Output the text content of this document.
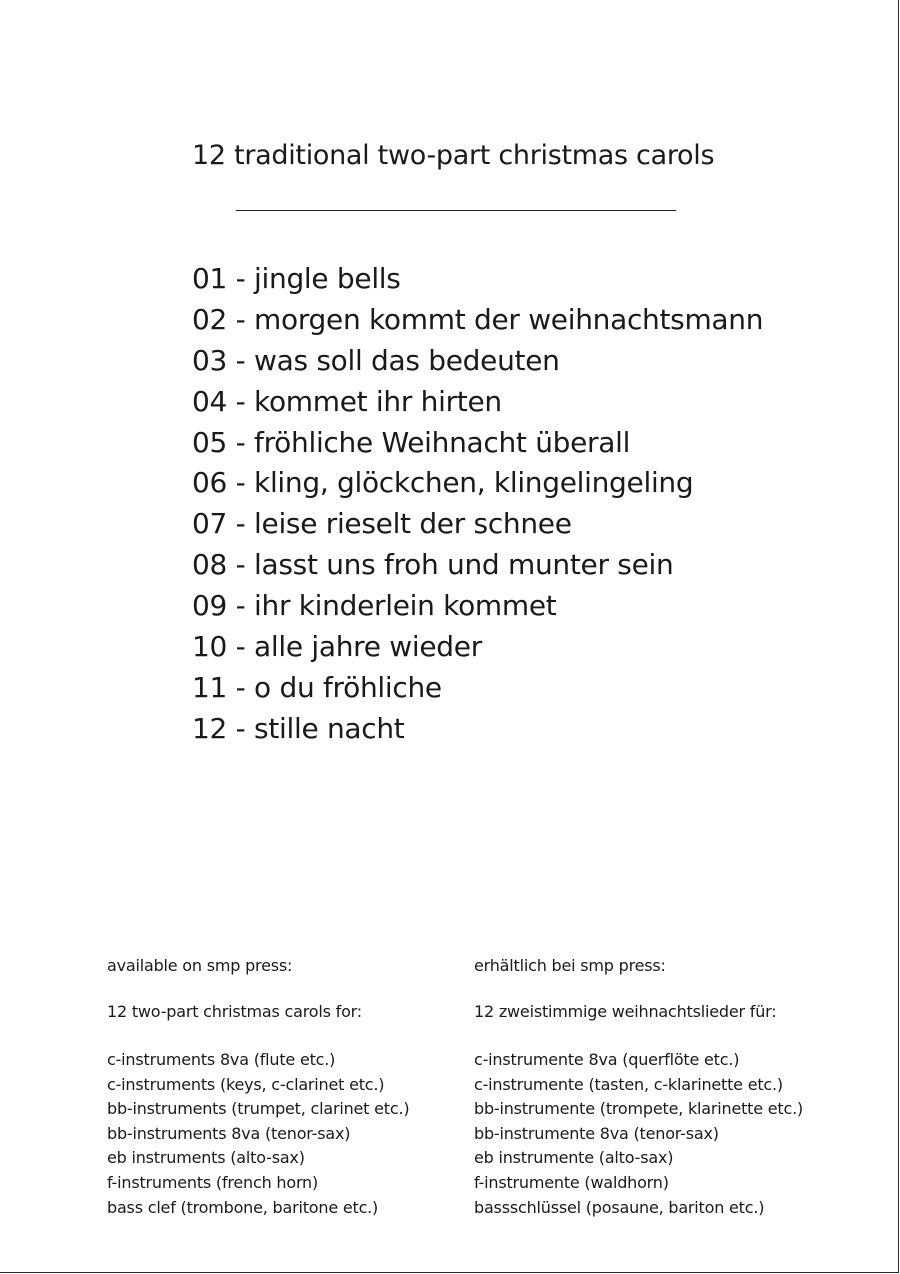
12 traditional two-part christmas carols
01 - jingle bells
02 - morgen kommt der weihnachtsmann
03 - was soll das bedeuten
04 - kommet ihr hirten
05 - fröhliche Weihnacht überall
06 - kling, glöckchen, klingelingeling
07 - leise rieselt der schnee
08 - lasst uns froh und munter sein
09 - ihr kinderlein kommet
10 - alle jahre wieder
11 - o du fröhliche
12 - stille nacht
available on smp press:
12 two-part christmas carols for:
c-instruments 8va (flute etc.)
c-instruments (keys, c-clarinet etc.)
bb-instruments (trumpet, clarinet etc.)
bb-instruments 8va (tenor-sax)
eb instruments (alto-sax)
f-instruments (french horn)
bass clef (trombone, baritone etc.)
erhältlich bei smp press:
12 zweistimmige weihnachtslieder für:
c-instrumente 8va (querflöte etc.)
c-instrumente (tasten, c-klarinette etc.)
bb-instrumente (trompete, klarinette etc.)
bb-instrumente 8va (tenor-sax)
eb instrumente (alto-sax)
f-instrumente (waldhorn)
bassschlüssel (posaune, bariton etc.)
